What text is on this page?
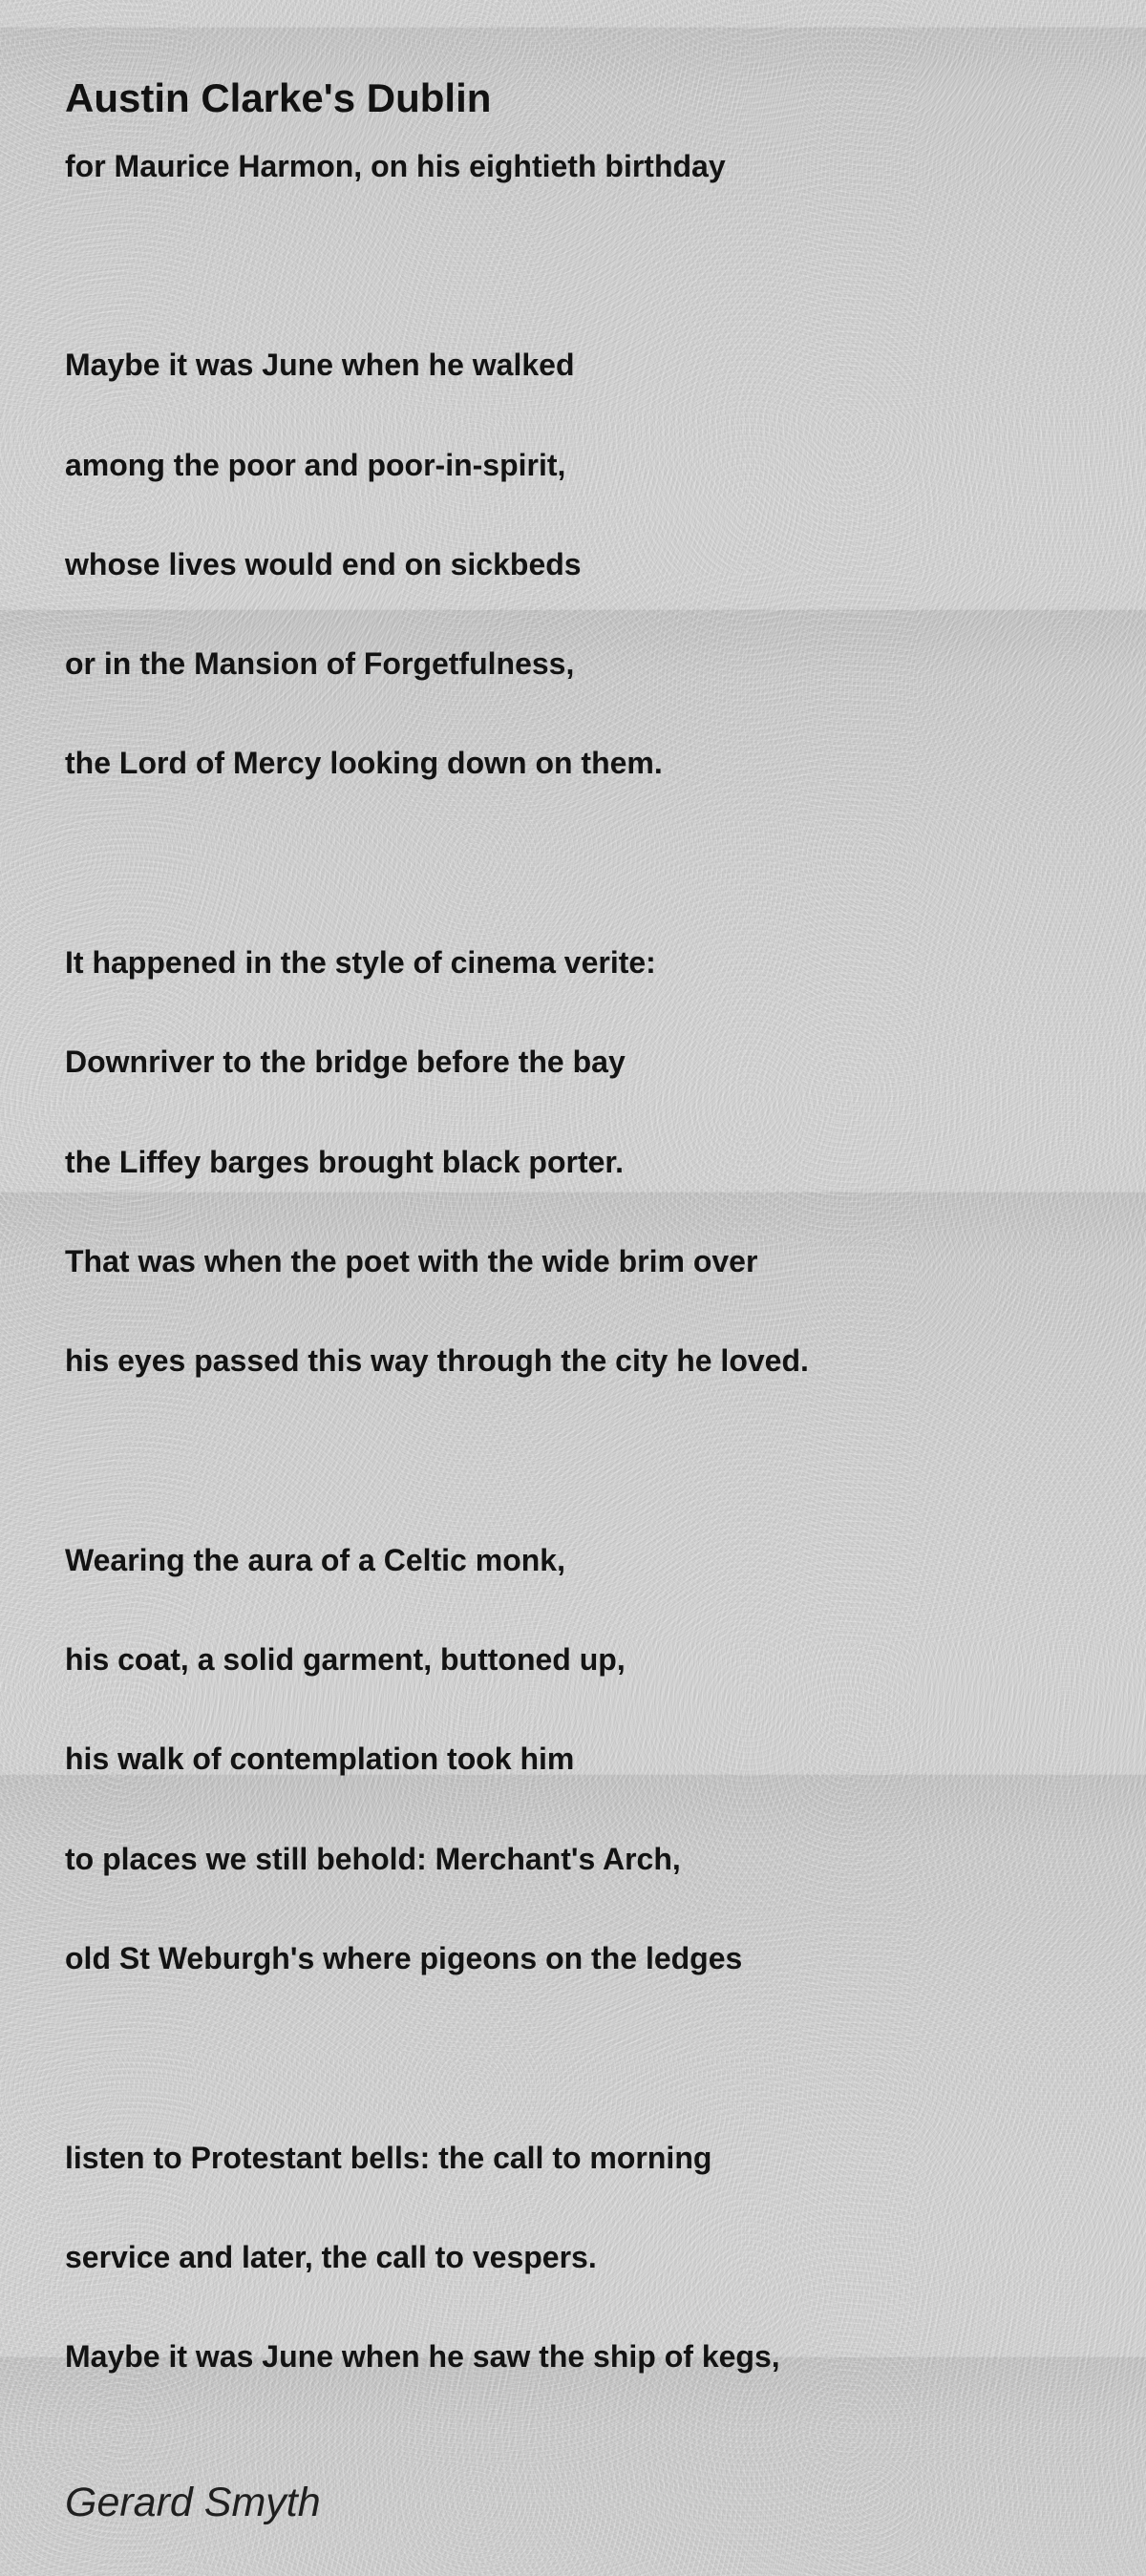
Austin Clarke's Dublin
for Maurice Harmon, on his eightieth birthday
Maybe it was June when he walked
among the poor and poor-in-spirit,
whose lives would end on sickbeds
or in the Mansion of Forgetfulness,
the Lord of Mercy looking down on them.
It happened in the style of cinema verite:
Downriver to the bridge before the bay
the Liffey barges brought black porter.
That was when the poet with the wide brim over
his eyes passed this way through the city he loved.
Wearing the aura of a Celtic monk,
his coat, a solid garment, buttoned up,
his walk of contemplation took him
to places we still behold: Merchant's Arch,
old St Weburgh's where pigeons on the ledges
listen to Protestant bells: the call to morning
service and later, the call to vespers.
Maybe it was June when he saw the ship of kegs,
Gerard Smyth
